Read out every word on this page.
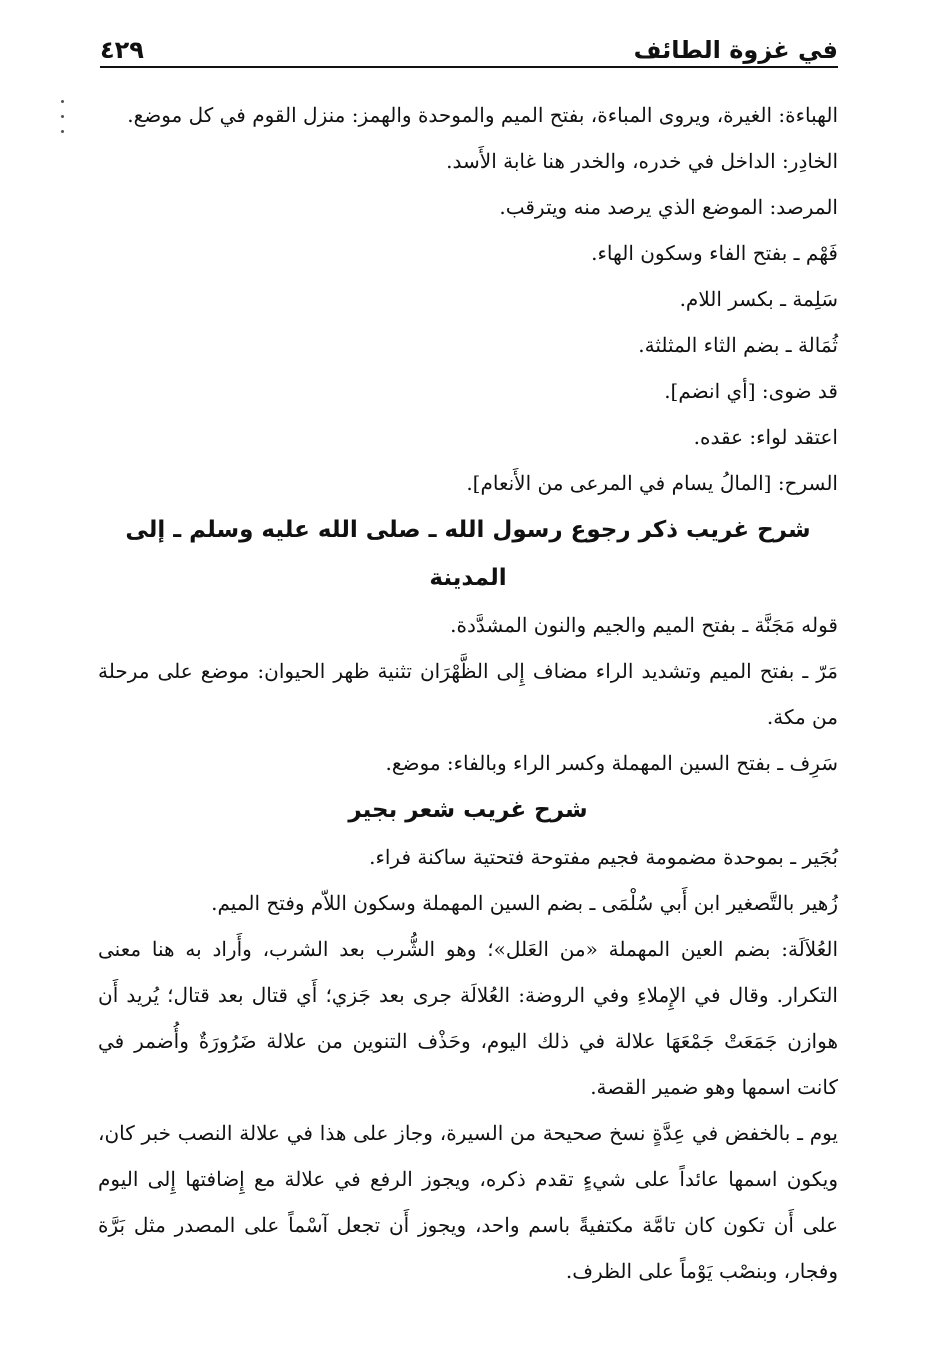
في غزوة الطائف
٤٢٩

الهباءة: الغيرة، ويروى المباءة، بفتح الميم والموحدة والهمز: منزل القوم في كل موضع.

الخادِر: الداخل في خدره، والخدر هنا غابة الأَسد.

المرصد: الموضع الذي يرصد منه ويترقب.

فَهْم ـ بفتح الفاء وسكون الهاء.

سَلِمة ـ بكسر اللام.

ثُمَالة ـ بضم الثاء المثلثة.

قد ضوى: [أي انضم].

اعتقد لواء: عقده.

السرح: [المالُ يسام في المرعى من الأَنعام].

شرح غريب ذكر رجوع رسول الله ـ صلى الله عليه وسلم ـ إلى المدينة

قوله مَجَنَّة ـ بفتح الميم والجيم والنون المشدَّدة.

مَرّ ـ بفتح الميم وتشديد الراء مضاف إِلى الظَّهْرَان تثنية ظهر الحيوان: موضع على مرحلة من مكة.

سَرِف ـ بفتح السين المهملة وكسر الراء وبالفاء: موضع.

شرح غريب شعر بجير

بُجَير ـ بموحدة مضمومة فجيم مفتوحة فتحتية ساكنة فراء.

زُهير بالتَّصغير ابن أَبي سُلْمَى ـ بضم السين المهملة وسكون اللاّم وفتح الميم.

العُلاَلَة: بضم العين المهملة «من العَلل»؛ وهو الشُّرب بعد الشرب، وأَراد به هنا معنى التكرار. وقال في الإِملاءِ وفي الروضة: العُلالَة جرى بعد جَزي؛ أَي قتال بعد قتال؛ يُريد أَن هوازن جَمَعَتْ جَمْعَهَا علالة في ذلك اليوم، وحَذْف التنوين من علالة ضَرُورَةٌ وأُضمر في كانت اسمها وهو ضمير القصة.

يوم ـ بالخفض في عِدَّةٍ نسخ صحيحة من السيرة، وجاز على هذا في علالة النصب خبر كان، ويكون اسمها عائداً على شيءٍ تقدم ذكره، ويجوز الرفع في علالة مع إِضافتها إِلى اليوم على أَن تكون كان تامَّة مكتفيةً باسم واحد، ويجوز أَن تجعل آسْماً على المصدر مثل بَرَّة وفجار، وبنصْب يَوْماً على الظرف.
